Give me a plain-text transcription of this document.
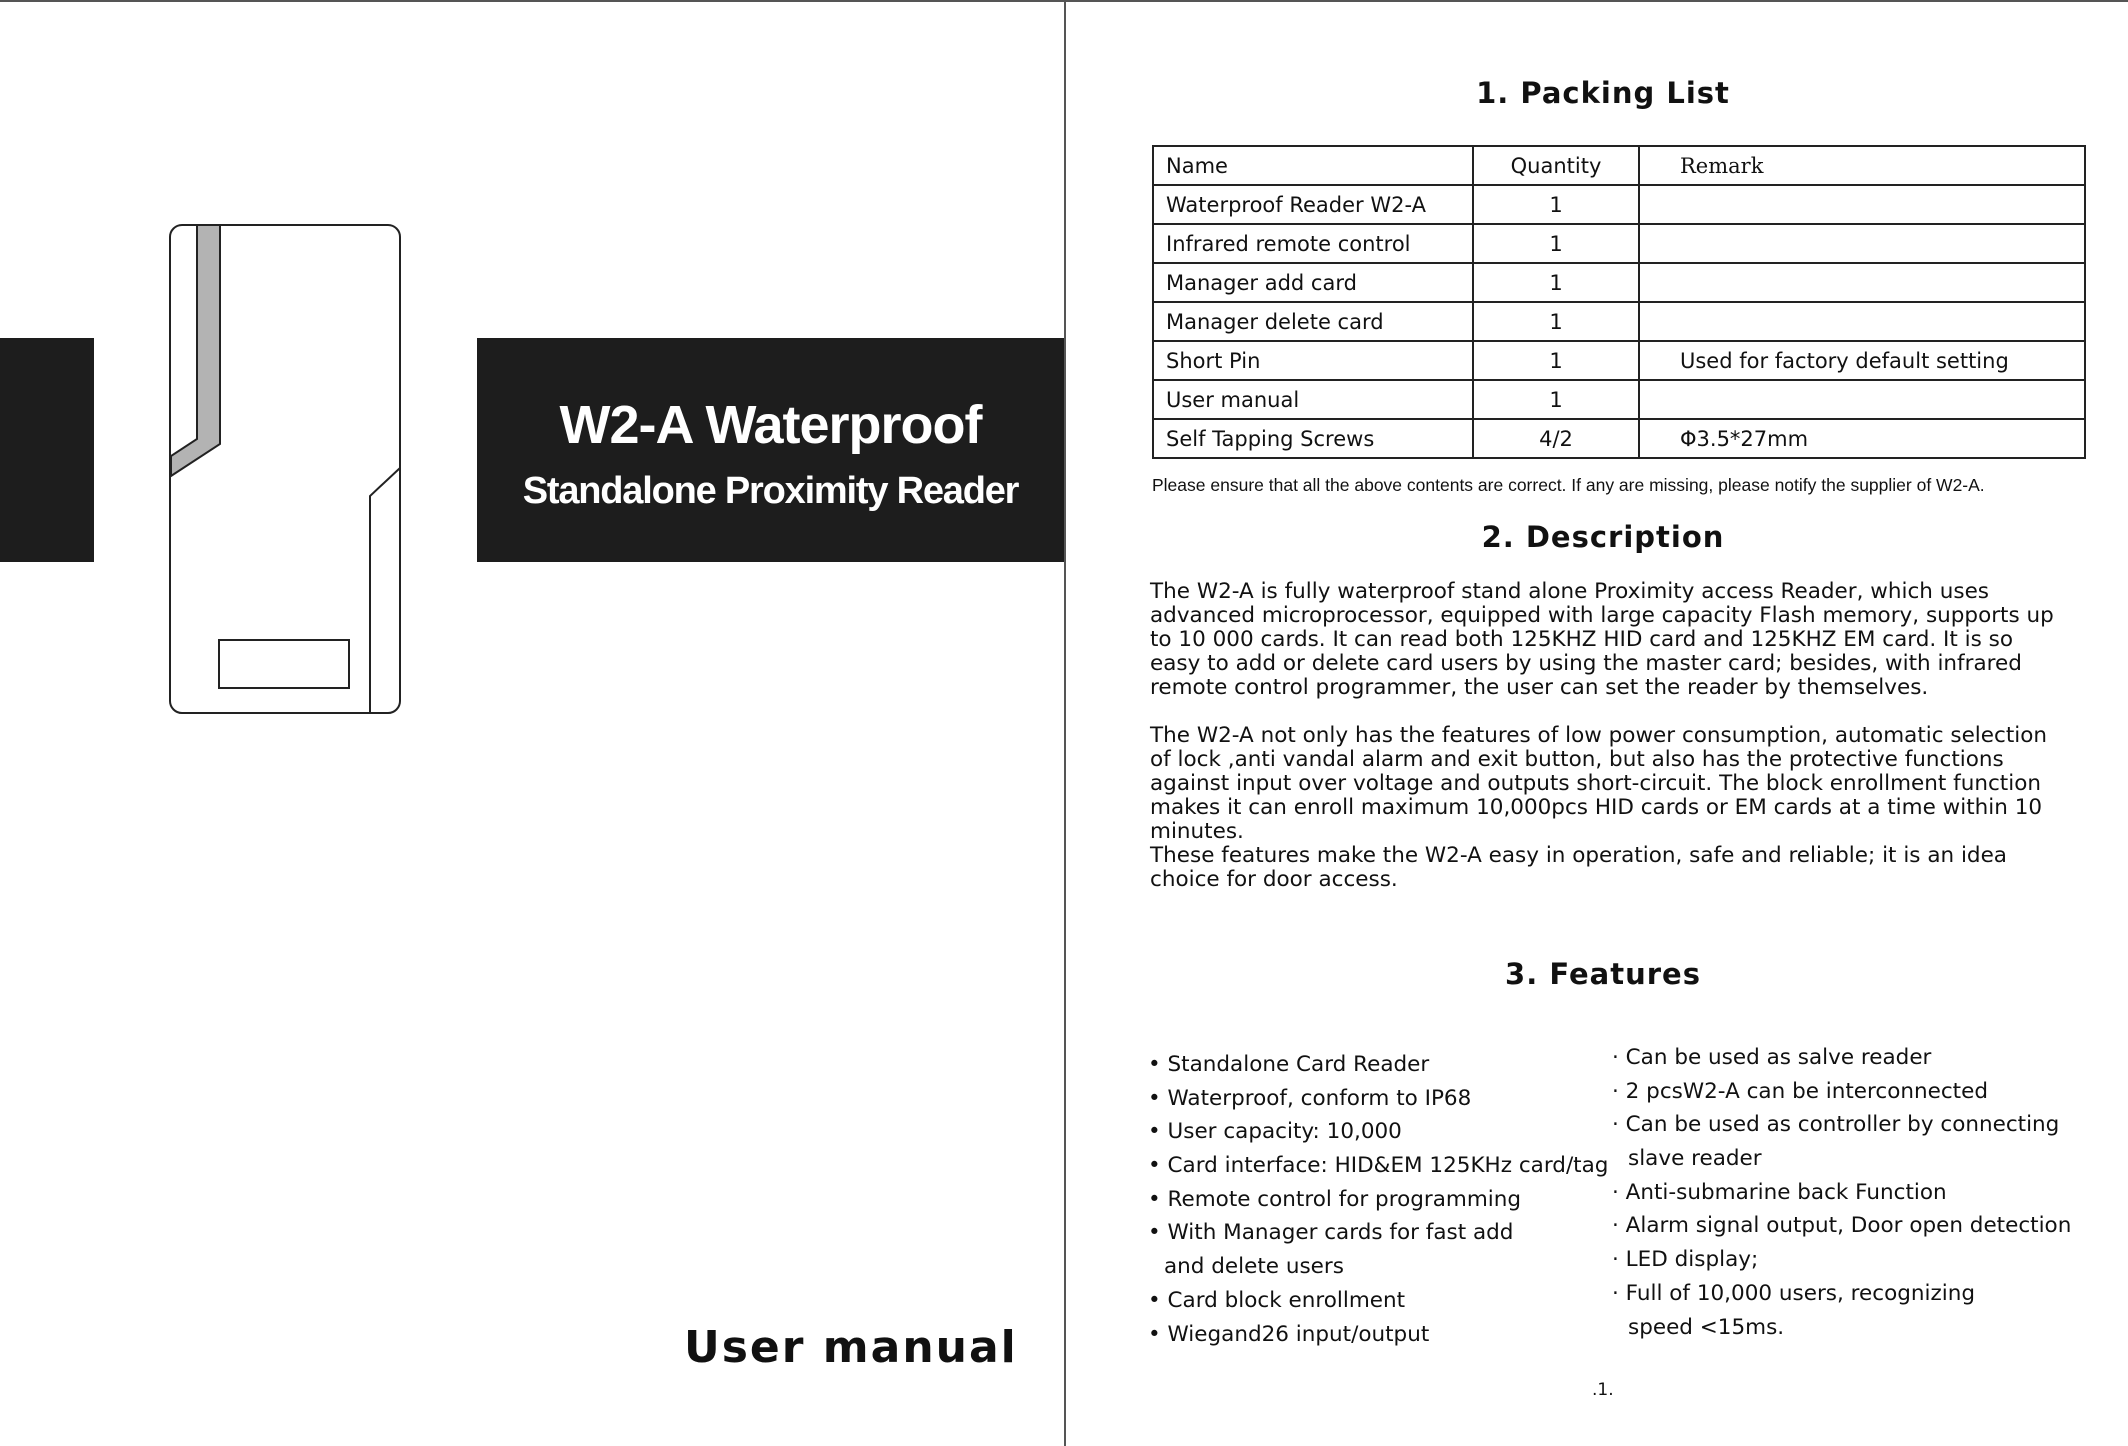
W2-A Waterproof
Standalone Proximity Reader
User manual
1. Packing List
Name	Quantity	Remark
Waterproof Reader W2-A	1	
Infrared remote control	1	
Manager add card	1	
Manager delete card	1	
Short Pin	1	Used for factory default setting
User manual	1	
Self Tapping Screws	4/2	Φ3.5*27mm
Please ensure that all the above contents are correct. If any are missing, please notify the supplier of W2-A.
2. Description

The W2-A is fully waterproof stand alone Proximity access Reader, which uses advanced microprocessor, equipped with large capacity Flash memory, supports up to 10 000 cards. It can read both 125KHZ HID card and 125KHZ EM card. It is so easy to add or delete card users by using the master card; besides, with infrared remote control programmer, the user can set the reader by themselves.

The W2-A not only has the features of low power consumption, automatic selection of lock ,anti vandal alarm and exit button, but also has the protective functions against input over voltage and outputs short-circuit. The block enrollment function makes it can enroll maximum 10,000pcs HID cards or EM cards at a time within 10 minutes.

These features make the W2-A easy in operation, safe and reliable; it is an idea choice for door access.

3. Features
• Standalone Card Reader
• Waterproof, conform to IP68
• User capacity: 10,000
• Card interface: HID&EM 125KHz card/tag
• Remote control for programming
• With Manager cards for fast add
and delete users
• Card block enrollment
• Wiegand26 input/output
· Can be used as salve reader
· 2 pcsW2-A can be interconnected
· Can be used as controller by connecting
slave reader
· Anti-submarine back Function
· Alarm signal output, Door open detection
· LED display;
· Full of 10,000 users, recognizing
speed <15ms.
.1.
